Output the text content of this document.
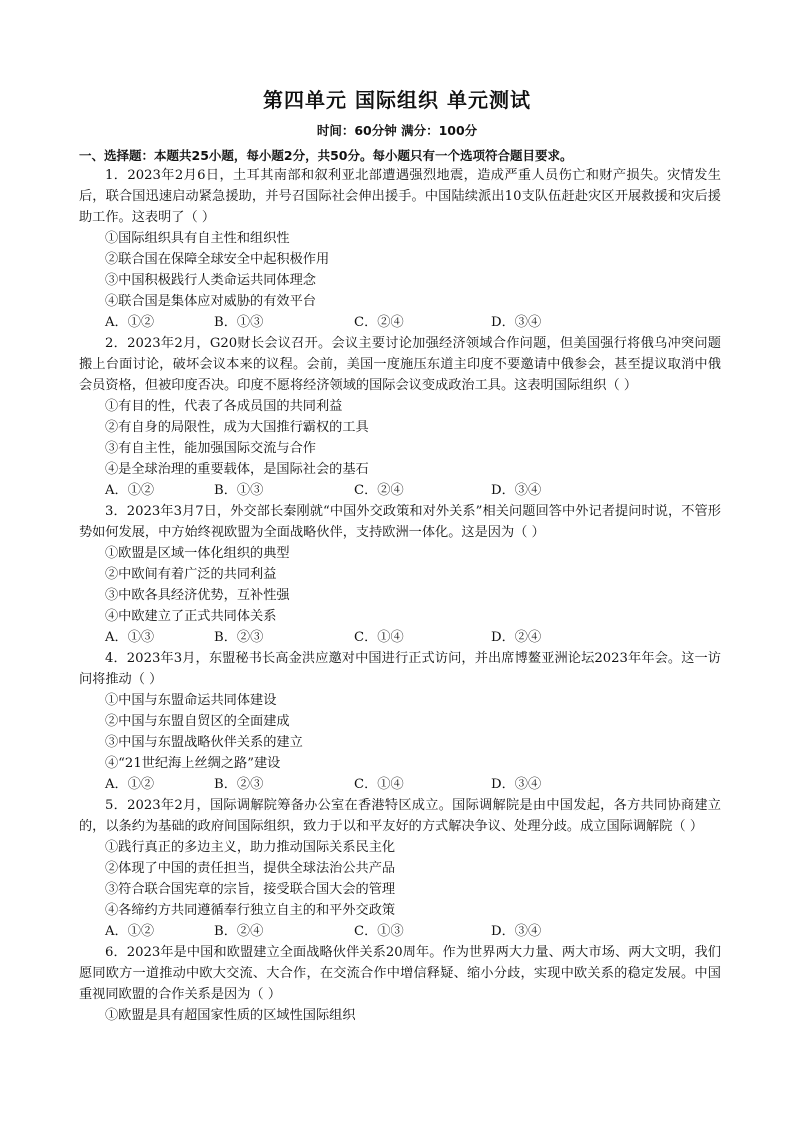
第四单元 国际组织 单元测试
时间：60分钟 满分：100分
一、选择题：本题共25小题，每小题2分，共50分。每小题只有一个选项符合题目要求。

1．2023年2月6日，土耳其南部和叙利亚北部遭遇强烈地震，造成严重人员伤亡和财产损失。灾情发生后，联合国迅速启动紧急援助，并号召国际社会伸出援手。中国陆续派出10支队伍赶赴灾区开展救援和灾后援助工作。这表明了（ ）

①国际组织具有自主性和组织性

②联合国在保障全球安全中起积极作用

③中国积极践行人类命运共同体理念

④联合国是集体应对威胁的有效平台

A．①②	B．①③	C．②④	D．③④

2．2023年2月，G20财长会议召开。会议主要讨论加强经济领域合作问题，但美国强行将俄乌冲突问题搬上台面讨论，破坏会议本来的议程。会前，美国一度施压东道主印度不要邀请中俄参会，甚至提议取消中俄会员资格，但被印度否决。印度不愿将经济领域的国际会议变成政治工具。这表明国际组织（ ）

①有目的性，代表了各成员国的共同利益

②有自身的局限性，成为大国推行霸权的工具

③有自主性，能加强国际交流与合作

④是全球治理的重要载体，是国际社会的基石

A．①②	B．①③	C．②④	D．③④

3．2023年3月7日，外交部长秦刚就“中国外交政策和对外关系”相关问题回答中外记者提问时说，不管形势如何发展，中方始终视欧盟为全面战略伙伴，支持欧洲一体化。这是因为（ ）

①欧盟是区域一体化组织的典型

②中欧间有着广泛的共同利益

③中欧各具经济优势，互补性强

④中欧建立了正式共同体关系

A．①③	B．②③	C．①④	D．②④

4．2023年3月，东盟秘书长高金洪应邀对中国进行正式访问，并出席博鳌亚洲论坛2023年年会。这一访问将推动（ ）

①中国与东盟命运共同体建设

②中国与东盟自贸区的全面建成

③中国与东盟战略伙伴关系的建立

④“21世纪海上丝绸之路”建设

A．①②	B．②③	C．①④	D．③④

5．2023年2月，国际调解院筹备办公室在香港特区成立。国际调解院是由中国发起，各方共同协商建立的，以条约为基础的政府间国际组织，致力于以和平友好的方式解决争议、处理分歧。成立国际调解院（ ）

①践行真正的多边主义，助力推动国际关系民主化

②体现了中国的责任担当，提供全球法治公共产品

③符合联合国宪章的宗旨，接受联合国大会的管理

④各缔约方共同遵循奉行独立自主的和平外交政策

A．①②	B．②④	C．①③	D．③④

6．2023年是中国和欧盟建立全面战略伙伴关系20周年。作为世界两大力量、两大市场、两大文明，我们愿同欧方一道推动中欧大交流、大合作，在交流合作中增信释疑、缩小分歧，实现中欧关系的稳定发展。中国重视同欧盟的合作关系是因为（ ）

①欧盟是具有超国家性质的区域性国际组织
